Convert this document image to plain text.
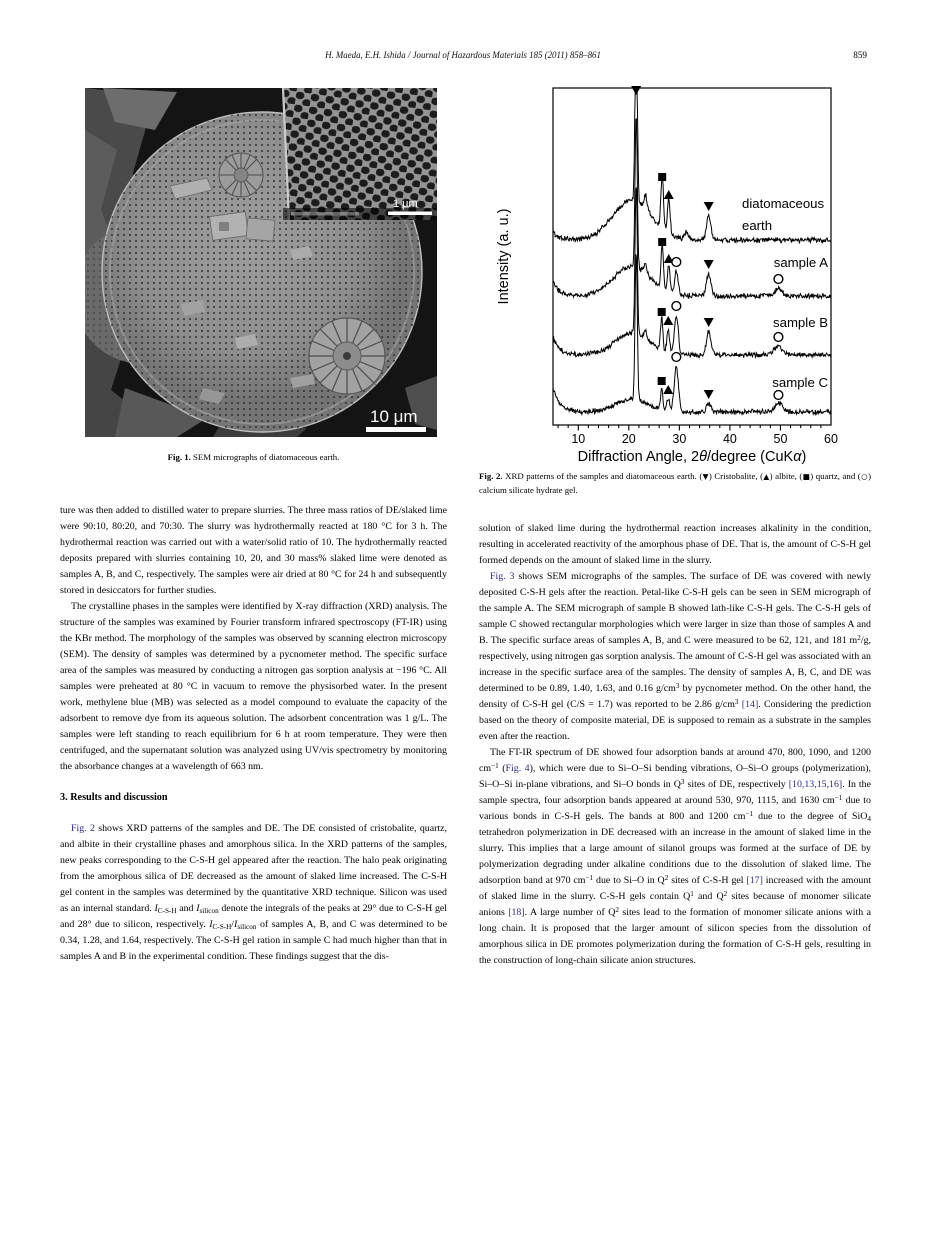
H. Maeda, E.H. Ishida / Journal of Hazardous Materials 185 (2011) 858–861	859
1 μm
10 μm
Fig. 1. SEM micrographs of diatomaceous earth.
10	20	30	40	50	60
Diffraction Angle, 2θ/degree (CuKα)
Intensity (a. u.)
diatomaceous
earth
sample A
sample B
sample C
Fig. 2. XRD patterns of the samples and diatomaceous earth. (▼) Cristobalite, (▲) albite, (■) quartz, and (○) calcium silicate hydrate gel.

ture was then added to distilled water to prepare slurries. The three mass ratios of DE/slaked lime were 90:10, 80:20, and 70:30. The slurry was hydrothermally reacted at 180 °C for 3 h. The hydrothermal reaction was carried out with a water/solid ratio of 10. The hydrothermally reacted deposits prepared with slurries containing 10, 20, and 30 mass% slaked lime were denoted as samples A, B, and C, respectively. The samples were air dried at 80 °C for 24 h and subsequently stored in desiccators for further studies.

The crystalline phases in the samples were identified by X-ray diffraction (XRD) analysis. The structure of the samples was examined by Fourier transform infrared spectroscopy (FT-IR) using the KBr method. The morphology of the samples was observed by scanning electron microscopy (SEM). The density of samples was determined by a pycnometer method. The specific surface area of the samples was measured by conducting a nitrogen gas sorption analysis at −196 °C. All samples were preheated at 80 °C in vacuum to remove the physisorbed water. In the present work, methylene blue (MB) was selected as a model compound to evaluate the capacity of the adsorbent to remove dye from its aqueous solution. The adsorbent concentration was 1 g/L. The samples were left standing to reach equilibrium for 6 h at room temperature. They were then centrifuged, and the supernatant solution was analyzed using UV/vis spectrometry by monitoring the absorbance changes at a wavelength of 663 nm.

3. Results and discussion

Fig. 2 shows XRD patterns of the samples and DE. The DE consisted of cristobalite, quartz, and albite in their crystalline phases and amorphous silica. In the XRD patterns of the samples, new peaks corresponding to the C-S-H gel appeared after the reaction. The halo peak originating from the amorphous silica of DE decreased as the amount of slaked lime increased. The C-S-H gel content in the samples was determined by the quantitative XRD technique. Silicon was used as an internal standard. $I_{C-S-H}$ and $I_{silicon}$ denote the integrals of the peaks at 29° due to C-S-H gel and 28° due to silicon, respectively. $I_{C-S-H}/I_{silicon}$ of samples A, B, and C was determined to be 0.34, 1.28, and 1.64, respectively. The C-S-H gel ration in sample C had much higher than that in samples A and B in the experimental condition. These findings suggest that the dis-

solution of slaked lime during the hydrothermal reaction increases alkalinity in the condition, resulting in accelerated reactivity of the amorphous phase of DE. That is, the amount of C-S-H gel formed depends on the amount of slaked lime in the slurry.

Fig. 3 shows SEM micrographs of the samples. The surface of DE was covered with newly deposited C-S-H gels after the reaction. Petal-like C-S-H gels can be seen in SEM micrograph of the sample A. The SEM micrograph of sample B showed lath-like C-S-H gels. The C-S-H gels of sample C showed rectangular morphologies which were larger in size than those of samples A and B. The specific surface areas of samples A, B, and C were measured to be 62, 121, and 181 $m^2/g$, respectively, using nitrogen gas sorption analysis. The amount of C-S-H gel was associated with an increase in the specific surface area of the samples. The density of samples A, B, C, and DE was determined to be 0.89, 1.40, 1.63, and 0.16 $g/cm^3$ by pycnometer method. On the other hand, the density of C-S-H gel (C/S = 1.7) was reported to be 2.86 $g/cm^3$ [14]. Considering the prediction based on the theory of composite material, DE is supposed to remain as a substrate in the samples even after the reaction.

The FT-IR spectrum of DE showed four adsorption bands at around 470, 800, 1090, and 1200 $cm^{-1}$ (Fig. 4), which were due to Si–O–Si bending vibrations, O–Si–O groups (polymerization), Si–O–Si in-plane vibrations, and Si–O bonds in $Q^3$ sites of DE, respectively [10,13,15,16]. In the sample spectra, four adsorption bands appeared at around 530, 970, 1115, and 1630 $cm^{-1}$ due to various bonds in C-S-H gels. The bands at 800 and 1200 $cm^{-1}$ due to the degree of SiO$_4$ tetrahedron polymerization in DE decreased with an increase in the amount of slaked lime in the slurry. This implies that a large amount of silanol groups was formed at the surface of DE by polymerization degrading under alkaline conditions due to the dissolution of slaked lime. The adsorption band at 970 $cm^{-1}$ due to Si–O in $Q^2$ sites of C-S-H gel [17] increased with the amount of slaked lime in the slurry. C-S-H gels contain $Q^1$ and $Q^2$ sites because of monomer silicate anions [18]. A large number of $Q^2$ sites lead to the formation of monomer silicate anions with a long chain. It is proposed that the larger amount of silicon species from the dissolution of amorphous silica in DE promotes polymerization during the formation of C-S-H gels, resulting in the construction of long-chain silicate anion structures.
